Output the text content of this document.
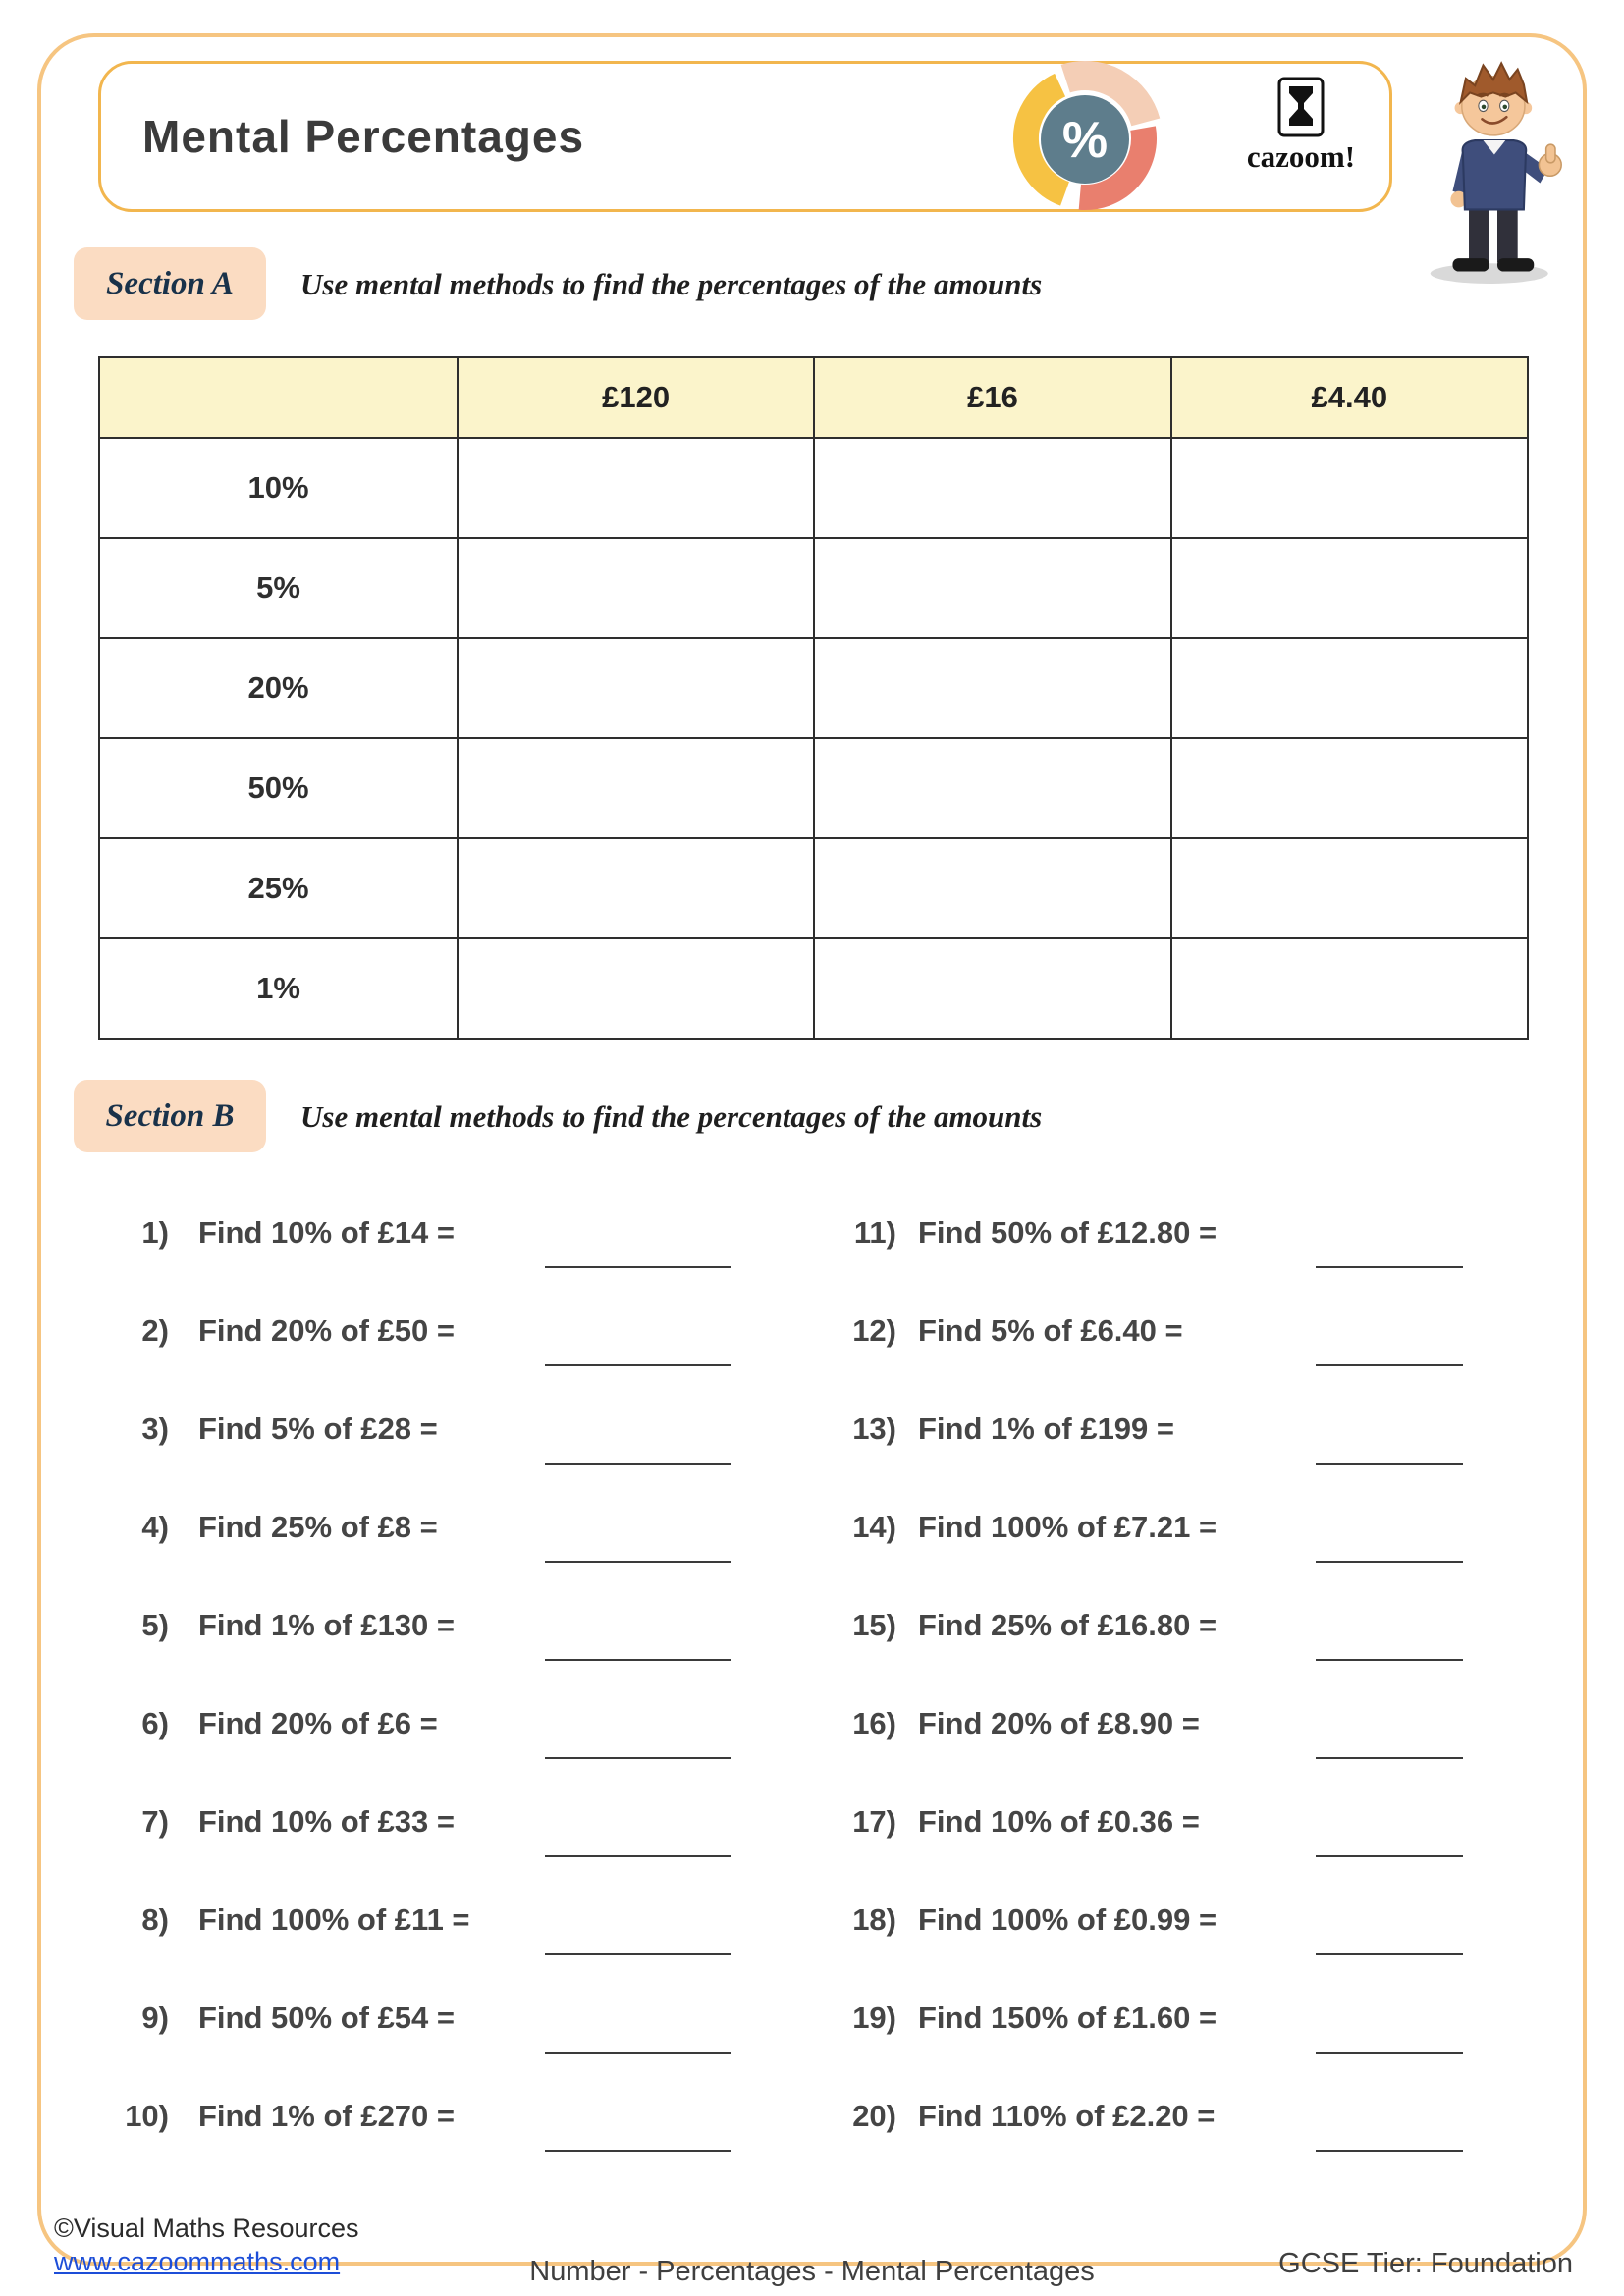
Mental Percentages	%	cazoom!
Section A Use mental methods to find the percentages of the amounts
	£120	£16	£4.40
10%			
5%			
20%			
50%			
25%			
1%			
Section B Use mental methods to find the percentages of the amounts
1) Find 10% of £14 =
2) Find 20% of £50 =
3) Find 5% of £28 =
4) Find 25% of £8 =
5) Find 1% of £130 =
6) Find 20% of £6 =
7) Find 10% of £33 =
8) Find 100% of £11 =
9) Find 50% of £54 =
10) Find 1% of £270 =
11) Find 50% of £12.80 =
12) Find 5% of £6.40 =
13) Find 1% of £199 =
14) Find 100% of £7.21 =
15) Find 25% of £16.80 =
16) Find 20% of £8.90 =
17) Find 10% of £0.36 =
18) Find 100% of £0.99 =
19) Find 150% of £1.60 =
20) Find 110% of £2.20 =
©Visual Maths Resources
www.cazoommaths.com	Number - Percentages - Mental Percentages	GCSE Tier: Foundation
